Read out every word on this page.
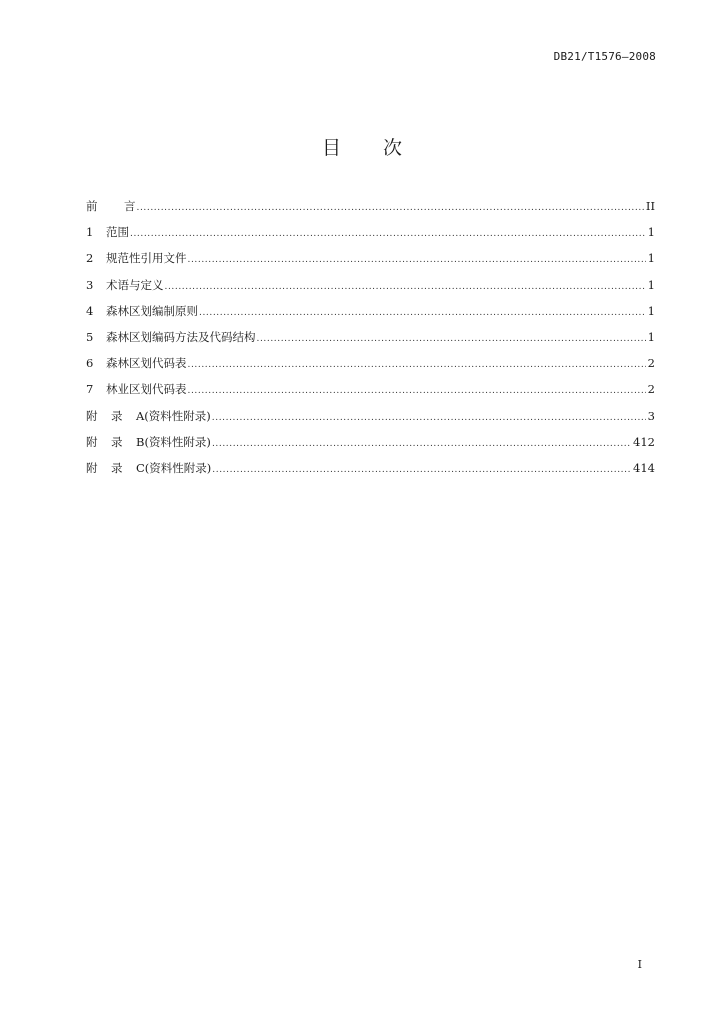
DB21/T1576—2008
目 次
前 言 .....	II
1 范围 .....	1
2 规范性引用文件 .....	1
3 术语与定义 .....	1
4 森林区划编制原则 .....	1
5 森林区划编码方法及代码结构 .....	1
6 森林区划代码表 .....	2
7 林业区划代码表 .....	2
附 录 A(资料性附录) .....	3
附 录 B(资料性附录) .....	412
附 录 C(资料性附录) .....	414
I
